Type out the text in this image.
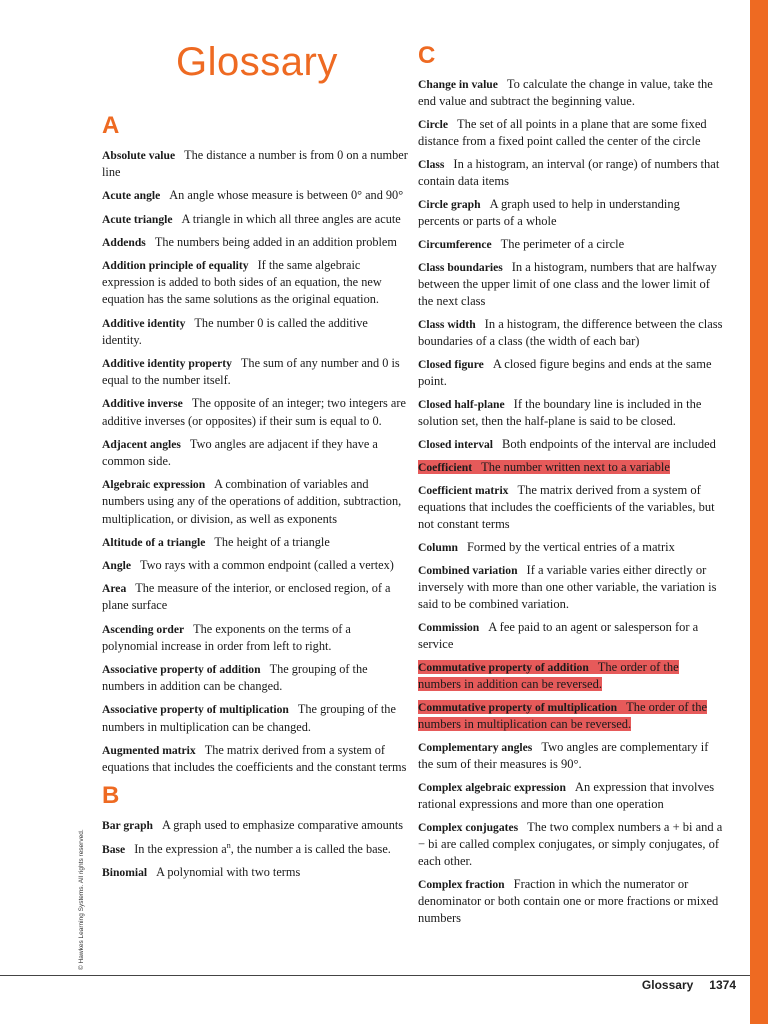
Glossary
© Hawkes Learning Systems. All rights reserved.
A

Absolute value The distance a number is from 0 on a number line

Acute angle An angle whose measure is between 0° and 90°

Acute triangle A triangle in which all three angles are acute

Addends The numbers being added in an addition problem

Addition principle of equality If the same algebraic expression is added to both sides of an equation, the new equation has the same solutions as the original equation.

Additive identity The number 0 is called the additive identity.

Additive identity property The sum of any number and 0 is equal to the number itself.

Additive inverse The opposite of an integer; two integers are additive inverses (or opposites) if their sum is equal to 0.

Adjacent angles Two angles are adjacent if they have a common side.

Algebraic expression A combination of variables and numbers using any of the operations of addition, subtraction, multiplication, or division, as well as exponents

Altitude of a triangle The height of a triangle

Angle Two rays with a common endpoint (called a vertex)

Area The measure of the interior, or enclosed region, of a plane surface

Ascending order The exponents on the terms of a polynomial increase in order from left to right.

Associative property of addition The grouping of the numbers in addition can be changed.

Associative property of multiplication The grouping of the numbers in multiplication can be changed.

Augmented matrix The matrix derived from a system of equations that includes the coefficients and the constant terms

B

Bar graph A graph used to emphasize comparative amounts

Base In the expression $a^n$, the number a is called the base.

Binomial A polynomial with two terms

C

Change in value To calculate the change in value, take the end value and subtract the beginning value.

Circle The set of all points in a plane that are some fixed distance from a fixed point called the center of the circle

Class In a histogram, an interval (or range) of numbers that contain data items

Circle graph A graph used to help in understanding percents or parts of a whole

Circumference The perimeter of a circle

Class boundaries In a histogram, numbers that are halfway between the upper limit of one class and the lower limit of the next class

Class width In a histogram, the difference between the class boundaries of a class (the width of each bar)

Closed figure A closed figure begins and ends at the same point.

Closed half-plane If the boundary line is included in the solution set, then the half-plane is said to be closed.

Closed interval Both endpoints of the interval are included

Coefficient The number written next to a variable

Coefficient matrix The matrix derived from a system of equations that includes the coefficients of the variables, but not constant terms

Column Formed by the vertical entries of a matrix

Combined variation If a variable varies either directly or inversely with more than one other variable, the variation is said to be combined variation.

Commission A fee paid to an agent or salesperson for a service

Commutative property of addition The order of the numbers in addition can be reversed.

Commutative property of multiplication The order of the numbers in multiplication can be reversed.

Complementary angles Two angles are complementary if the sum of their measures is 90°.

Complex algebraic expression An expression that involves rational expressions and more than one operation

Complex conjugates The two complex numbers a + bi and a − bi are called complex conjugates, or simply conjugates, of each other.

Complex fraction Fraction in which the numerator or denominator or both contain one or more fractions or mixed numbers

Glossary 1374
